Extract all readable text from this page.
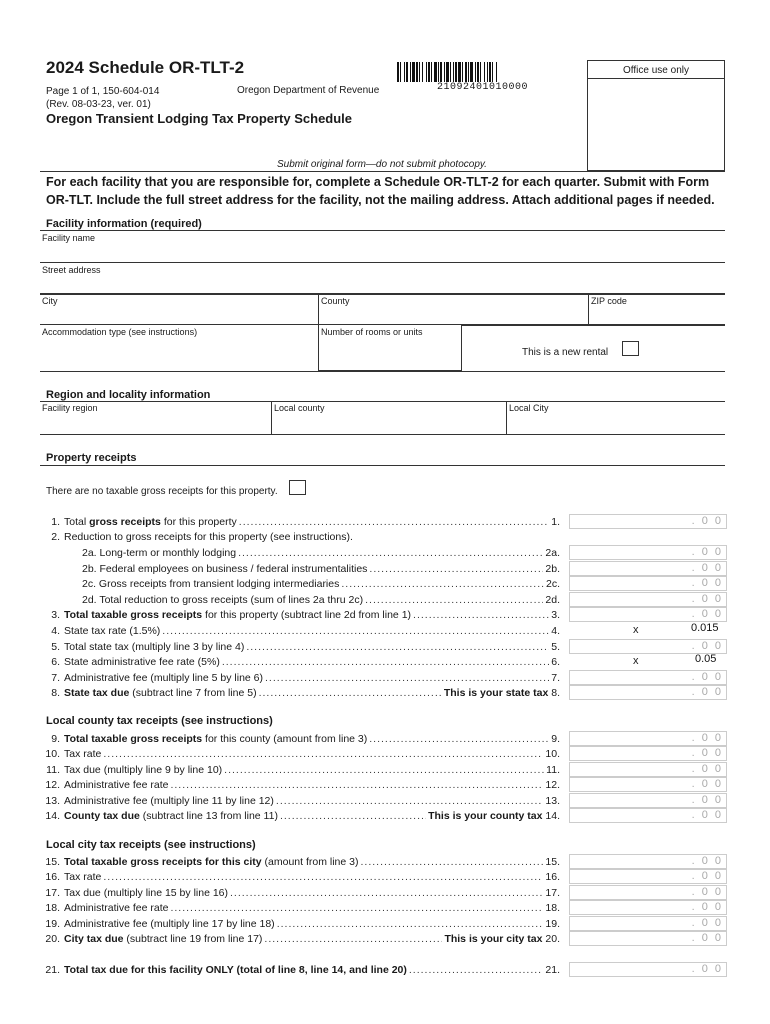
2024 Schedule OR-TLT-2
Page 1 of 1, 150-604-014
(Rev. 08-03-23, ver. 01)
Oregon Department of Revenue	21092401010000
Office use only
Oregon Transient Lodging Tax Property Schedule
Submit original form—do not submit photocopy.
For each facility that you are responsible for, complete a Schedule OR-TLT-2 for each quarter. Submit with Form OR-TLT. Include the full street address for the facility, not the mailing address. Attach additional pages if needed.
Facility information (required)
Facility name
Street address
City	County	ZIP code
Accommodation type (see instructions)	Number of rooms or units
This is a new rental
Region and locality information
Facility region	Local county	Local City
Property receipts
There are no taxable gross receipts for this property.
1. Total gross receipts for this property .....	1.	. 0 0
2. Reduction to gross receipts for this property (see instructions).
2a. Long-term or monthly lodging .....	2a.	. 0 0
2b. Federal employees on business / federal instrumentalities .....	2b.	. 0 0
2c. Gross receipts from transient lodging intermediaries .....	2c.	. 0 0
2d. Total reduction to gross receipts (sum of lines 2a thru 2c) .....	2d.	. 0 0
3. Total taxable gross receipts for this property (subtract line 2d from line 1) .....	3.	. 0 0
4. State tax rate (1.5%) .....	4.	x	0.015
5. Total state tax (multiply line 3 by line 4) .....	5.	. 0 0
6. State administrative fee rate (5%) .....	6.	x	0.05
7. Administrative fee (multiply line 5 by line 6) .....	7.	. 0 0
8. State tax due (subtract line 7 from line 5) .....	This is your state tax 8.	. 0 0
9. Total taxable gross receipts for this county (amount from line 3) .....	9.	. 0 0
10. Tax rate .....	10.	. 0 0
11. Tax due (multiply line 9 by line 10) .....	11.	. 0 0
12. Administrative fee rate .....	12.	. 0 0
13. Administrative fee (multiply line 11 by line 12) .....	13.	. 0 0
14. County tax due (subtract line 13 from line 11) .....	This is your county tax 14.	. 0 0
15. Total taxable gross receipts for this city (amount from line 3) .....	15.	. 0 0
16. Tax rate .....	16.	. 0 0
17. Tax due (multiply line 15 by line 16) .....	17.	. 0 0
18. Administrative fee rate .....	18.	. 0 0
19. Administrative fee (multiply line 17 by line 18) .....	19.	. 0 0
20. City tax due (subtract line 19 from line 17) .....	This is your city tax 20.	. 0 0
21. Total tax due for this facility ONLY (total of line 8, line 14, and line 20) .....	21.	. 0 0
Local county tax receipts (see instructions)
Local city tax receipts (see instructions)
